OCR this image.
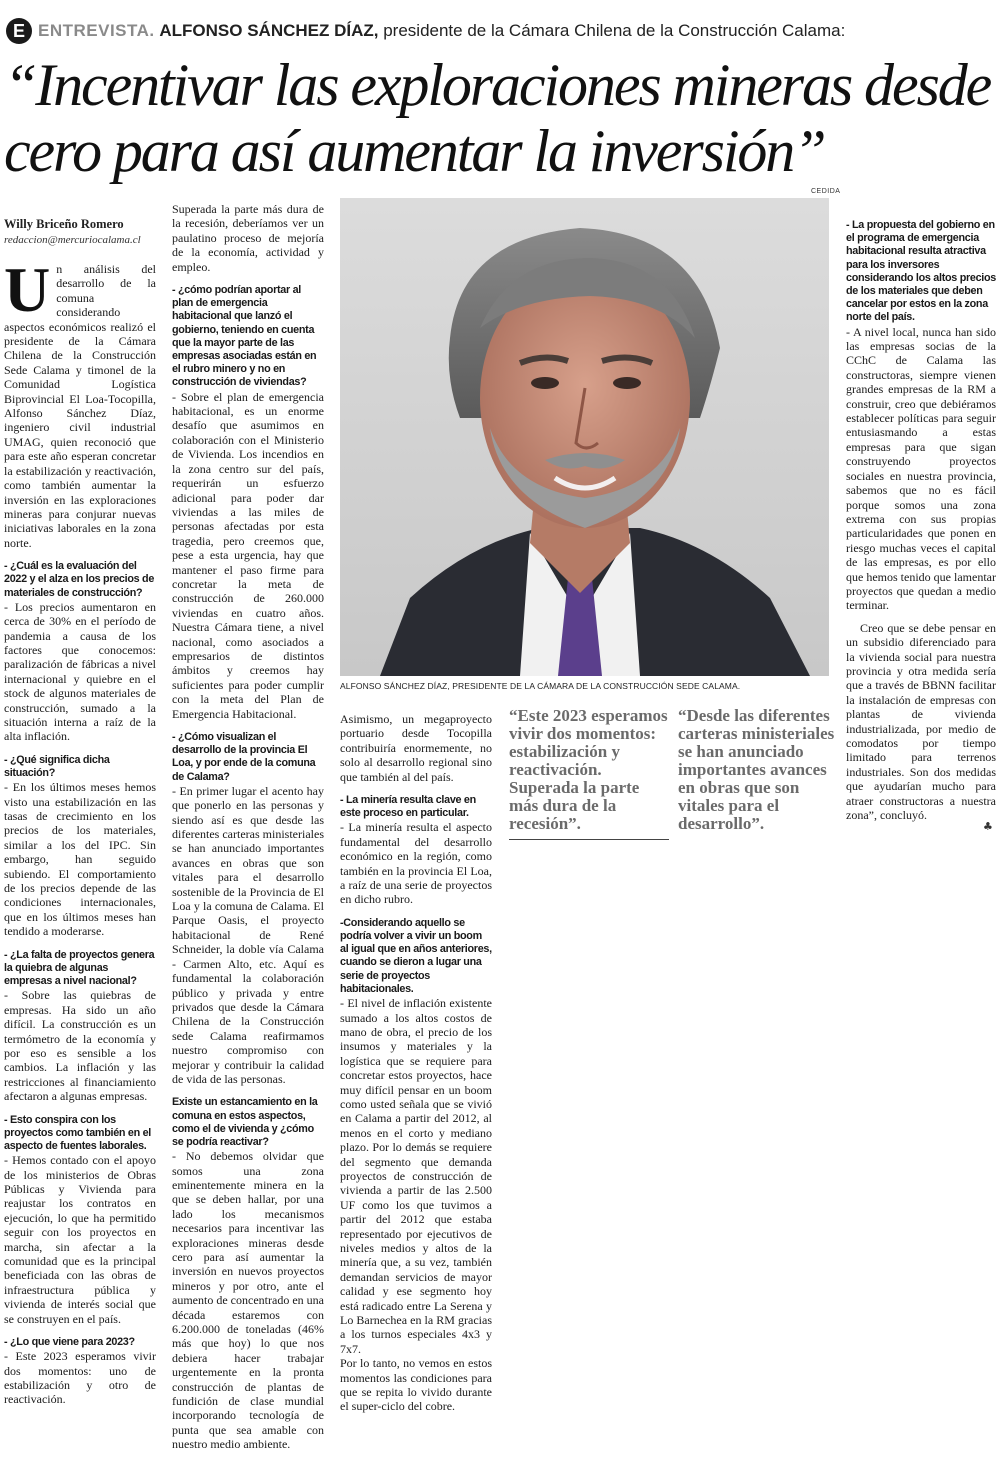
E ENTREVISTA. ALFONSO SÁNCHEZ DÍAZ, presidente de la Cámara Chilena de la Construcción Calama:
“Incentivar las exploraciones mineras desde
cero para así aumentar la inversión”
CEDIDA
Willy Briceño Romero
redaccion@mercuriocalama.cl

Un análisis del desarrollo de la comuna considerando aspectos económicos realizó el presidente de la Cámara Chilena de la Construcción Sede Calama y timonel de la Comunidad Logística Biprovincial El Loa-Tocopilla, Alfonso Sánchez Díaz, ingeniero civil industrial UMAG, quien reconoció que para este año esperan concretar la estabilización y reactivación, como también aumentar la inversión en las exploraciones mineras para conjurar nuevas iniciativas laborales en la zona norte.

- ¿Cuál es la evaluación del 2022 y el alza en los precios de materiales de construcción?

- Los precios aumentaron en cerca de 30% en el período de pandemia a causa de los factores que conocemos: paralización de fábricas a nivel internacional y quiebre en el stock de algunos materiales de construcción, sumado a la situación interna a raíz de la alta inflación.

- ¿Qué significa dicha situación?

- En los últimos meses hemos visto una estabilización en las tasas de crecimiento en los precios de los materiales, similar a los del IPC. Sin embargo, han seguido subiendo. El comportamiento de los precios depende de las condiciones internacionales, que en los últimos meses han tendido a moderarse.

- ¿La falta de proyectos genera la quiebra de algunas empresas a nivel nacional?

- Sobre las quiebras de empresas. Ha sido un año difícil. La construcción es un termómetro de la economía y por eso es sensible a los cambios. La inflación y las restricciones al financiamiento afectaron a algunas empresas.

- Esto conspira con los proyectos como también en el aspecto de fuentes laborales.

- Hemos contado con el apoyo de los ministerios de Obras Públicas y Vivienda para reajustar los contratos en ejecución, lo que ha permitido seguir con los proyectos en marcha, sin afectar a la comunidad que es la principal beneficiada con las obras de infraestructura pública y vivienda de interés social que se construyen en el país.

- ¿Lo que viene para 2023?

- Este 2023 esperamos vivir dos momentos: uno de estabilización y otro de reactivación.

Superada la parte más dura de la recesión, deberíamos ver un paulatino proceso de mejoría de la economía, actividad y empleo.

- ¿cómo podrían aportar al plan de emergencia habitacional que lanzó el gobierno, teniendo en cuenta que la mayor parte de las empresas asociadas están en el rubro minero y no en construcción de viviendas?

- Sobre el plan de emergencia habitacional, es un enorme desafío que asumimos en colaboración con el Ministerio de Vivienda. Los incendios en la zona centro sur del país, requerirán un esfuerzo adicional para poder dar viviendas a las miles de personas afectadas por esta tragedia, pero creemos que, pese a esta urgencia, hay que mantener el paso firme para concretar la meta de construcción de 260.000 viviendas en cuatro años. Nuestra Cámara tiene, a nivel nacional, como asociados a empresarios de distintos ámbitos y creemos hay suficientes para poder cumplir con la meta del Plan de Emergencia Habitacional.

- ¿Cómo visualizan el desarrollo de la provincia El Loa, y por ende de la comuna de Calama?

- En primer lugar el acento hay que ponerlo en las personas y siendo así es que desde las diferentes carteras ministeriales se han anunciado importantes avances en obras que son vitales para el desarrollo sostenible de la Provincia de El Loa y la comuna de Calama. El Parque Oasis, el proyecto habitacional de René Schneider, la doble vía Calama - Carmen Alto, etc. Aquí es fundamental la colaboración público y privada y entre privados que desde la Cámara Chilena de la Construcción sede Calama reafirmamos nuestro compromiso con mejorar y contribuir la calidad de vida de las personas.

Existe un estancamiento en la comuna en estos aspectos, como el de vivienda y ¿cómo se podría reactivar?

- No debemos olvidar que somos una zona eminentemente minera en la que se deben hallar, por una lado los mecanismos necesarios para incentivar las exploraciones mineras desde cero para así aumentar la inversión en nuevos proyectos mineros y por otro, ante el aumento de concentrado en una década estaremos con 6.200.000 de toneladas (46% más que hoy) lo que nos debiera hacer trabajar urgentemente en la pronta construcción de plantas de fundición de clase mundial incorporando tecnología de punta que sea amable con nuestro medio ambiente.

ALFONSO SÁNCHEZ DÍAZ, PRESIDENTE DE LA CÁMARA DE LA CONSTRUCCIÓN SEDE CALAMA.

“Este 2023 esperamos vivir dos momentos: estabilización y reactivación. Superada la parte más dura de la recesión”.

“Desde las diferentes carteras ministeriales se han anunciado importantes avances en obras que son vitales para el desarrollo”.

Asimismo, un megaproyecto portuario desde Tocopilla contribuiría enormemente, no solo al desarrollo regional sino que también al del país.

- La minería resulta clave en este proceso en particular.

- La minería resulta el aspecto fundamental del desarrollo económico en la región, como también en la provincia El Loa, a raíz de una serie de proyectos en dicho rubro.

-Considerando aquello se podría volver a vivir un boom al igual que en años anteriores, cuando se dieron a lugar una serie de proyectos habitacionales.

- El nivel de inflación existente sumado a los altos costos de mano de obra, el precio de los insumos y materiales y la logística que se requiere para concretar estos proyectos, hace muy difícil pensar en un boom como usted señala que se vivió en Calama a partir del 2012, al menos en el corto y mediano plazo. Por lo demás se requiere del segmento que demanda proyectos de construcción de vivienda a partir de las 2.500 UF como los que tuvimos a partir del 2012 que estaba representado por ejecutivos de niveles medios y altos de la minería que, a su vez, también demandan servicios de mayor calidad y ese segmento hoy está radicado entre La Serena y Lo Barnechea en la RM gracias a los turnos especiales 4x3 y 7x7.

Por lo tanto, no vemos en estos momentos las condiciones para que se repita lo vivido durante el super-ciclo del cobre.

- La propuesta del gobierno en el programa de emergencia habitacional resulta atractiva para los inversores considerando los altos precios de los materiales que deben cancelar por estos en la zona norte del país.

- A nivel local, nunca han sido las empresas socias de la CChC de Calama las constructoras, siempre vienen grandes empresas de la RM a construir, creo que debiéramos establecer políticas para seguir entusiasmando a estas empresas para que sigan construyendo proyectos sociales en nuestra provincia, sabemos que no es fácil porque somos una zona extrema con sus propias particularidades que ponen en riesgo muchas veces el capital de las empresas, es por ello que hemos tenido que lamentar proyectos que quedan a medio terminar.

Creo que se debe pensar en un subsidio diferenciado para la vivienda social para nuestra provincia y otra medida sería que a través de BBNN facilitar la instalación de empresas con plantas de vivienda industrializada, por medio de comodatos por tiempo limitado para terrenos industriales. Son dos medidas que ayudarían mucho para atraer constructoras a nuestra zona”, concluyó.

♣
